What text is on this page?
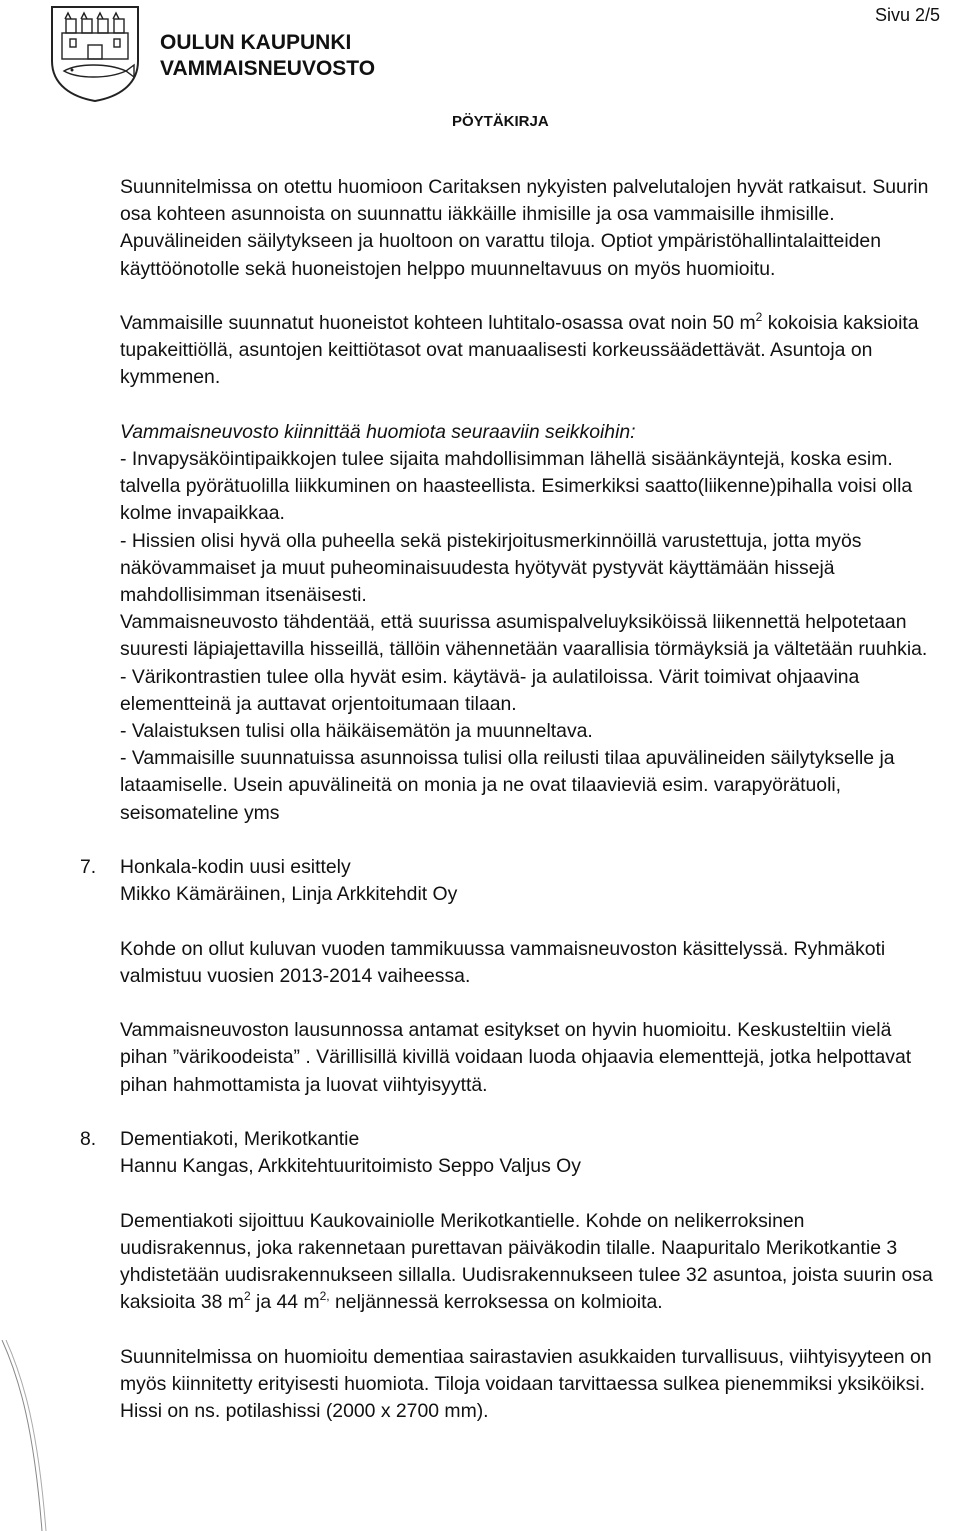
OULUN KAUPUNKI
VAMMAISNEUVOSTO
Sivu 2/5
PÖYTÄKIRJA

Suunnitelmissa on otettu huomioon Caritaksen nykyisten palvelutalojen hyvät ratkaisut. Suurin osa kohteen asunnoista on suunnattu iäkkäille ihmisille ja osa vammaisille ihmisille. Apuvälineiden säilytykseen ja huoltoon on varattu tiloja. Optiot ympäristöhallintalaitteiden käyttöönotolle sekä huoneistojen helppo muunneltavuus on myös huomioitu.

Vammaisille suunnatut huoneistot kohteen luhtitalo-osassa ovat noin 50 $m^2$ kokoisia kaksioita tupakeittiöllä, asuntojen keittiötasot ovat manuaalisesti korkeussäädettävät. Asuntoja on kymmenen.

Vammaisneuvosto kiinnittää huomiota seuraaviin seikkoihin:

- Invapysäköintipaikkojen tulee sijaita mahdollisimman lähellä sisäänkäyntejä, koska esim. talvella pyörätuolilla liikkuminen on haasteellista. Esimerkiksi saatto(liikenne)pihalla voisi olla kolme invapaikkaa.

- Hissien olisi hyvä olla puheella sekä pistekirjoitusmerkinnöillä varustettuja, jotta myös näkövammaiset ja muut puheominaisuudesta hyötyvät pystyvät käyttämään hissejä mahdollisimman itsenäisesti.

Vammaisneuvosto tähdentää, että suurissa asumispalveluyksiköissä liikennettä helpotetaan suuresti läpiajettavilla hisseillä, tällöin vähennetään vaarallisia törmäyksiä ja vältetään ruuhkia.

- Värikontrastien tulee olla hyvät esim. käytävä- ja aulatiloissa. Värit toimivat ohjaavina elementteinä ja auttavat orjentoitumaan tilaan.

- Valaistuksen tulisi olla häikäisemätön ja muunneltava.

- Vammaisille suunnatuissa asunnoissa tulisi olla reilusti tilaa apuvälineiden säilytykselle ja lataamiselle. Usein apuvälineitä on monia ja ne ovat tilaavieviä esim. varapyörätuoli, seisomateline yms

7. Honkala-kodin uusi esittely

Mikko Kämäräinen, Linja Arkkitehdit Oy

Kohde on ollut kuluvan vuoden tammikuussa vammaisneuvoston käsittelyssä. Ryhmäkoti valmistuu vuosien 2013-2014 vaiheessa.

Vammaisneuvoston lausunnossa antamat esitykset on hyvin huomioitu. Keskusteltiin vielä pihan ”värikoodeista” . Värillisillä kivillä voidaan luoda ohjaavia elementtejä, jotka helpottavat pihan hahmottamista ja luovat viihtyisyyttä.

8. Dementiakoti, Merikotkantie

Hannu Kangas, Arkkitehtuuritoimisto Seppo Valjus Oy

Dementiakoti sijoittuu Kaukovainiolle Merikotkantielle. Kohde on nelikerroksinen uudisrakennus, joka rakennetaan purettavan päiväkodin tilalle. Naapuritalo Merikotkantie 3 yhdistetään uudisrakennukseen sillalla. Uudisrakennukseen tulee 32 asuntoa, joista suurin osa kaksioita 38 $m^2$ ja 44 $m^{2,}$ neljännessä kerroksessa on kolmioita.

Suunnitelmissa on huomioitu dementiaa sairastavien asukkaiden turvallisuus, viihtyisyyteen on myös kiinnitetty erityisesti huomiota. Tiloja voidaan tarvittaessa sulkea pienemmiksi yksiköiksi. Hissi on ns. potilashissi (2000 x 2700 mm).
